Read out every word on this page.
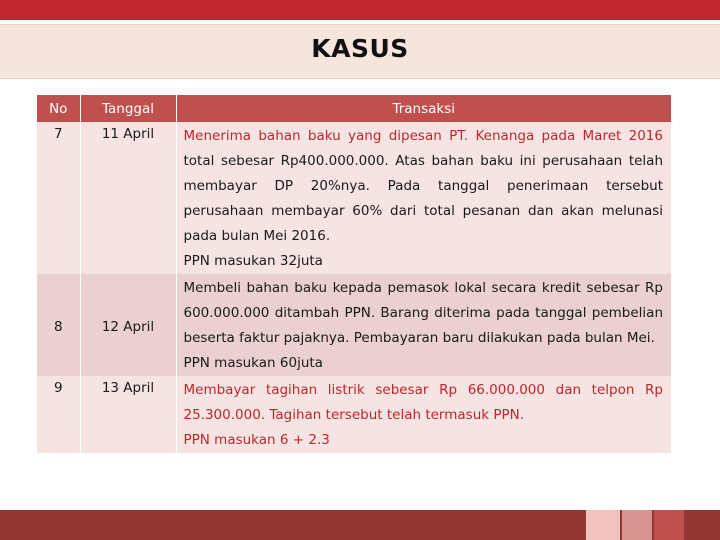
KASUS
No	Tanggal	Transaksi
7	11 April	Menerima bahan baku yang dipesan PT. Kenanga pada Maret 2016 total sebesar Rp400.000.000. Atas bahan baku ini perusahaan telah membayar DP 20%nya. Pada tanggal penerimaan tersebut perusahaan membayar 60% dari total pesanan dan akan melunasi pada bulan Mei 2016.

PPN masukan 32juta

8	12 April	Membeli bahan baku kepada pemasok lokal secara kredit sebesar Rp 600.000.000 ditambah PPN. Barang diterima pada tanggal pembelian beserta faktur pajaknya. Pembayaran baru dilakukan pada bulan Mei.

PPN masukan 60juta

9	13 April	Membayar tagihan listrik sebesar Rp 66.000.000 dan telpon Rp 25.300.000. Tagihan tersebut telah termasuk PPN.

PPN masukan 6 + 2.3
